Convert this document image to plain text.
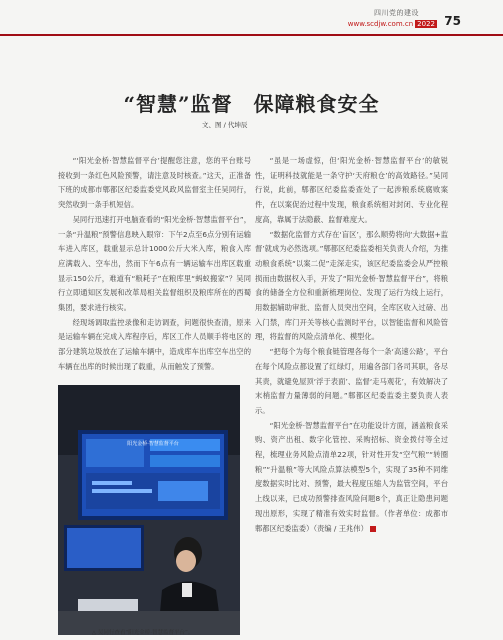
四川党的建设
www.scdjw.com.cn 2022 75
“智慧”监督　保障粮食安全
文、图 / 代坤辰

“‘阳光金桥·智慧监督平台’提醒您注意，您的平台账号接收到一条红色风险预警，请注意及时核查。”这天，正准备下班的成都市郫都区纪委监委党风政风监督室主任吴同行，突然收到一条手机短信。

吴同行迅速打开电脑查看的“阳光金桥·智慧监督平台”，一条“升温粮”预警信息映入眼帘：下午2点至6点分别有运输车进入库区，载重显示总计1000公斤大米入库，粮食入库应满载入、空车出，然而下午6点有一辆运输车出库区载重显示150公斤，难道有“粮耗子”在粮库里“蚂蚁搬家”？吴同行立即通知区发展和改革局相关监督组织及粮库所在的西蜀集团，要求进行核实。

经现场调取监控录像和走访调查，问题很快查清，原来是运输车辆在完成入库程序后，库区工作人员顺手将电区的部分建筑垃圾放在了运输车辆中，造成库车出库空车出空的车辆在出库的时候出现了载重，从而触发了预警。

“虽是一场虚惊，但‘阳光金桥·智慧监督平台’的敏锐性，证明科技就能是一条守护‘天府粮仓’的高效路径。”吴同行说，此前，郫都区纪委监委查处了一起涉粮系统腐败案件，在以案促治过程中发现，粮食系统相对封闭、专业化程度高，靠属于法隐蔽、监督难度大。

“数据化监督方式存在‘盲区’，那么顺势将向‘大数据+监督’就成为必然选项。”郫都区纪委监委相关负责人介绍，为推动粮食系统“以案二促”走深走实，该区纪委监委会从严控粮损而由数据权入手，开发了“阳光金桥·智慧监督平台”，将粮食的储备全方位和重新梳理岗位、发现了运行为线上运行，用数据辅助审批、监督人员突出空间，全库区收入过磅、出入门禁，库门开关等核心监测时平台，以智能监督和风险管理，将监督的风险点清单化、模型化。

“把每个为每个粮食链管理各每个一条‘高速公路’，平台在每个风险点都设置了红绿灯，用遍各部门各司其职，各尽其责，就避免屋顶‘浮于表面’、监督‘走马观花’，有效解决了末梢监督力量薄弱的问题。”郫都区纪委监委主要负责人表示。

“阳光金桥·智慧监督平台”在功能设计方面，涵盖粮食采购、资产出租、数字化管控、采购招标、资金拨付等全过程，梳理业务风险点清单22项，针对性开发“空气粮”“转圈粮”“升温粮”等大风险点算法模型5个，实现了35种不同维度数据实时比对、预警，最大程度压缩人为监管空间，平台上线以来，已成功预警排查风险问题8个，真正让隐患问题现出原形，实现了精准有效实时监督。（作者单位：成都市郫都区纪委监委）（责编 / 王兆伟）

阳光金桥·智慧监督平台
△ 吴同行查看“阳光金桥·智慧监督平台”。
